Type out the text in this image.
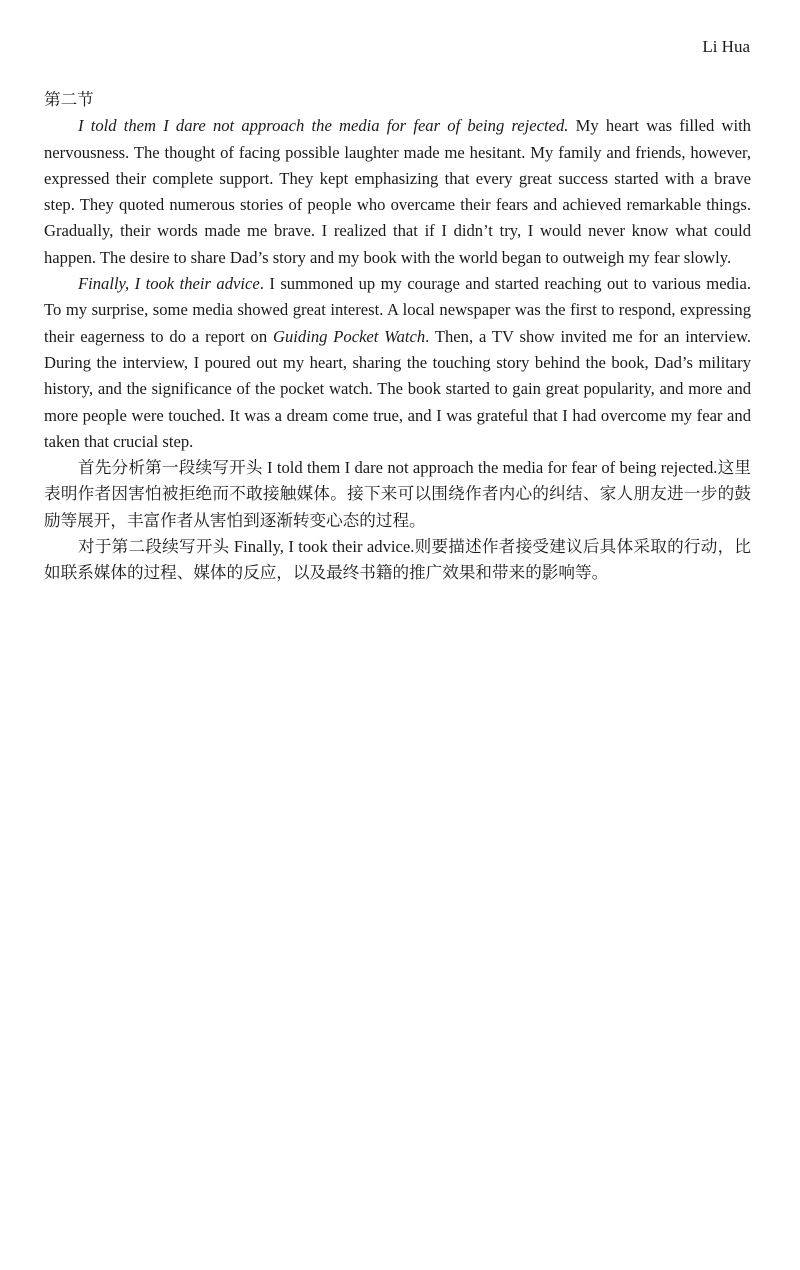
Li Hua

第二节

I told them I dare not approach the media for fear of being rejected. My heart was filled with nervousness. The thought of facing possible laughter made me hesitant. My family and friends, however, expressed their complete support. They kept emphasizing that every great success started with a brave step. They quoted numerous stories of people who overcame their fears and achieved remarkable things. Gradually, their words made me brave. I realized that if I didn’t try, I would never know what could happen. The desire to share Dad’s story and my book with the world began to outweigh my fear slowly.

Finally, I took their advice. I summoned up my courage and started reaching out to various media. To my surprise, some media showed great interest. A local newspaper was the first to respond, expressing their eagerness to do a report on Guiding Pocket Watch. Then, a TV show invited me for an interview. During the interview, I poured out my heart, sharing the touching story behind the book, Dad’s military history, and the significance of the pocket watch. The book started to gain great popularity, and more and more people were touched. It was a dream come true, and I was grateful that I had overcome my fear and taken that crucial step.

首先分析第一段续写开头 I told them I dare not approach the media for fear of being rejected.这里表明作者因害怕被拒绝而不敢接触媒体。接下来可以围绕作者内心的纠结、家人朋友进一步的鼓励等展开，丰富作者从害怕到逐渐转变心态的过程。

对于第二段续写开头 Finally, I took their advice.则要描述作者接受建议后具体采取的行动，比如联系媒体的过程、媒体的反应，以及最终书籍的推广效果和带来的影响等。
